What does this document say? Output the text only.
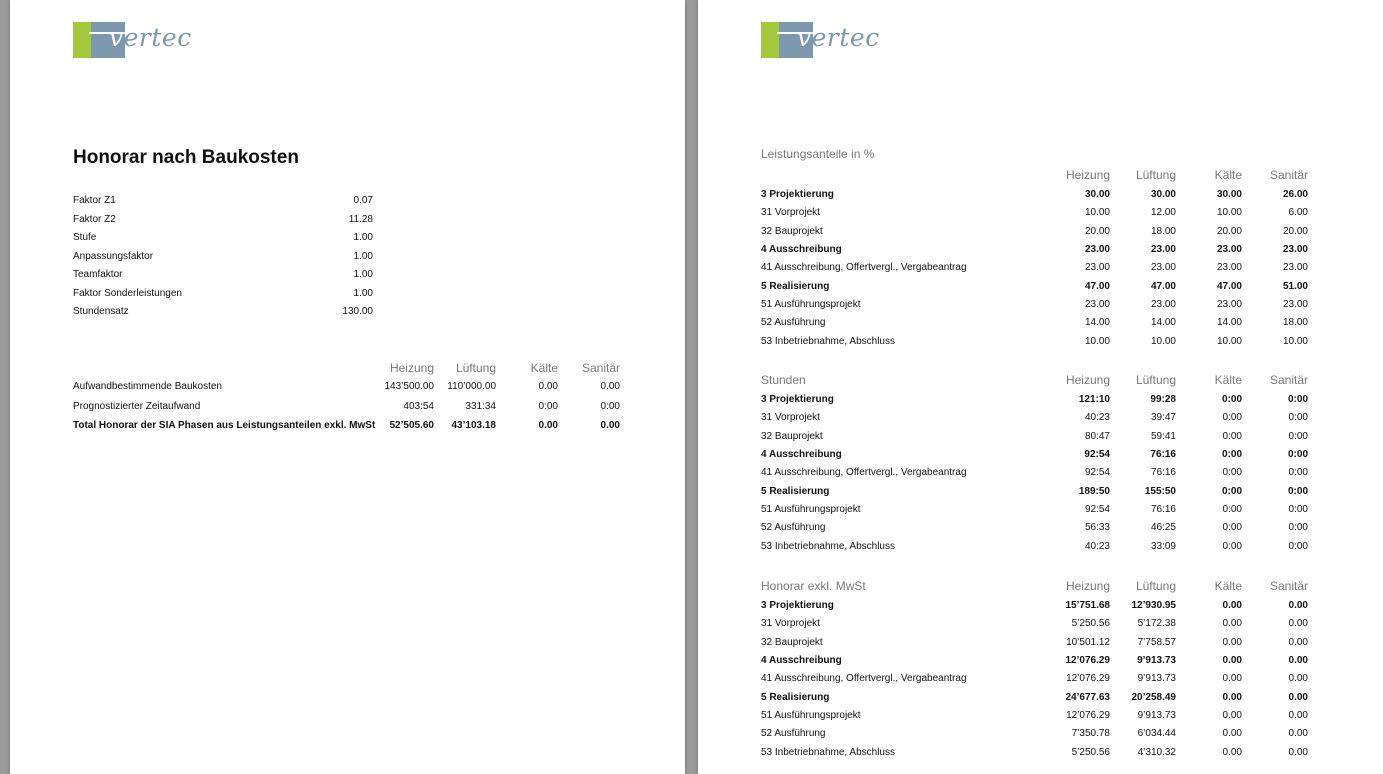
vertec
Honorar nach Baukosten
Faktor Z1	0.07
Faktor Z2	11.28
Stufe	1.00
Anpassungsfaktor	1.00
Teamfaktor	1.00
Faktor Sonderleistungen	1.00
Stundensatz	130.00
Heizung Lüftung	Kälte Sanitär
Aufwandbestimmende Baukosten	143’500.00 110’000.00	0.00	0.00
Prognostizierter Zeitaufwand	403:54	331:34	0:00	0:00
Total Honorar der SIA Phasen aus Leistungsanteilen exkl. MwSt 52’505.60 43’103.18	0.00	0.00
vertec
Leistungsanteile in %
Heizung Lüftung	Kälte Sanitär
3 Projektierung	30.00	30.00	30.00	26.00
31 Vorprojekt	10.00	12.00	10.00	6.00
32 Bauprojekt	20.00	18.00	20.00	20.00
4 Ausschreibung	23.00	23.00	23.00	23.00
41 Ausschreibung, Offertvergl., Vergabeantrag	23.00	23.00	23.00	23.00
5 Realisierung	47.00	47.00	47.00	51.00
51 Ausführungsprojekt	23.00	23.00	23.00	23.00
52 Ausführung	14.00	14.00	14.00	18.00
53 Inbetriebnahme, Abschluss	10.00	10.00	10.00	10.00
Stunden	Heizung Lüftung	Kälte Sanitär
3 Projektierung	121:10	99:28	0:00	0:00
31 Vorprojekt	40:23	39:47	0:00	0:00
32 Bauprojekt	80:47	59:41	0:00	0:00
4 Ausschreibung	92:54	76:16	0:00	0:00
41 Ausschreibung, Offertvergl., Vergabeantrag	92:54	76:16	0:00	0:00
5 Realisierung	189:50	155:50	0:00	0:00
51 Ausführungsprojekt	92:54	76:16	0:00	0:00
52 Ausführung	56:33	46:25	0:00	0:00
53 Inbetriebnahme, Abschluss	40:23	33:09	0:00	0:00
Honorar exkl. MwSt	Heizung Lüftung	Kälte Sanitär
3 Projektierung	15’751.68 12’930.95	0.00	0.00
31 Vorprojekt	5’250.56	5’172.38	0.00	0.00
32 Bauprojekt	10’501.12	7’758.57	0.00	0.00
4 Ausschreibung	12’076.29	9’913.73	0.00	0.00
41 Ausschreibung, Offertvergl., Vergabeantrag	12’076.29	9’913.73	0.00	0.00
5 Realisierung	24’677.63 20’258.49	0.00	0.00
51 Ausführungsprojekt	12’076.29	9’913.73	0.00	0.00
52 Ausführung	7’350.78	6’034.44	0.00	0.00
53 Inbetriebnahme, Abschluss	5’250.56	4’310.32	0.00	0.00
